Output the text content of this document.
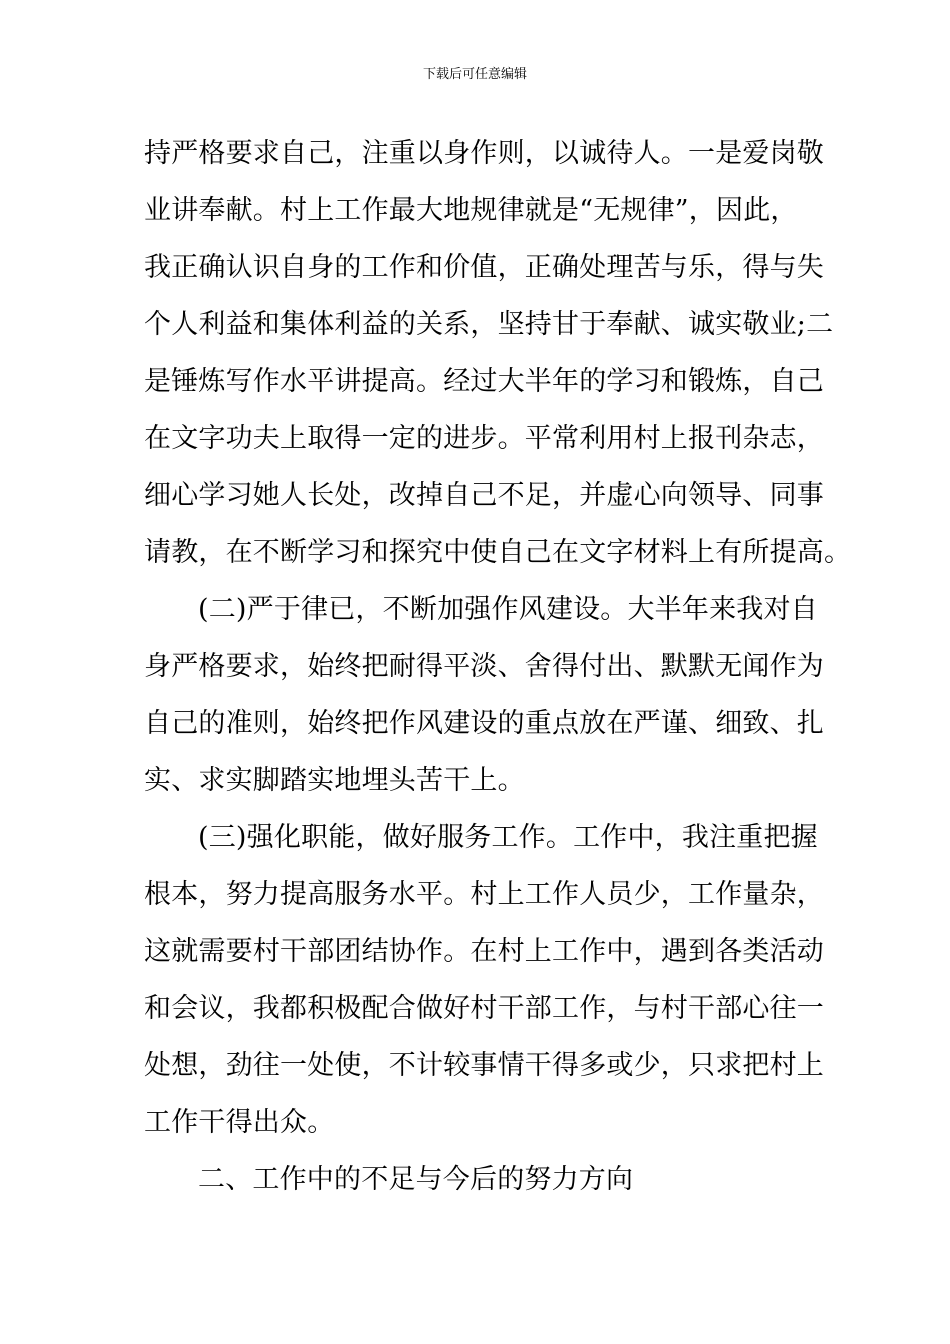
下载后可任意编辑
持严格要求自己，注重以身作则，以诚待人。一是爱岗敬
业讲奉献。村上工作最大地规律就是“无规律”，因此，
我正确认识自身的工作和价值，正确处理苦与乐，得与失
个人利益和集体利益的关系，坚持甘于奉献、诚实敬业;二
是锤炼写作水平讲提高。经过大半年的学习和锻炼，自己
在文字功夫上取得一定的进步。平常利用村上报刊杂志，
细心学习她人长处，改掉自己不足，并虚心向领导、同事
请教，在不断学习和探究中使自己在文字材料上有所提高。
(二)严于律已，不断加强作风建设。大半年来我对自
身严格要求，始终把耐得平淡、舍得付出、默默无闻作为
自己的准则，始终把作风建设的重点放在严谨、细致、扎
实、求实脚踏实地埋头苦干上。
(三)强化职能，做好服务工作。工作中，我注重把握
根本，努力提高服务水平。村上工作人员少，工作量杂，
这就需要村干部团结协作。在村上工作中，遇到各类活动
和会议，我都积极配合做好村干部工作，与村干部心往一
处想，劲往一处使，不计较事情干得多或少，只求把村上
工作干得出众。
二、工作中的不足与今后的努力方向
